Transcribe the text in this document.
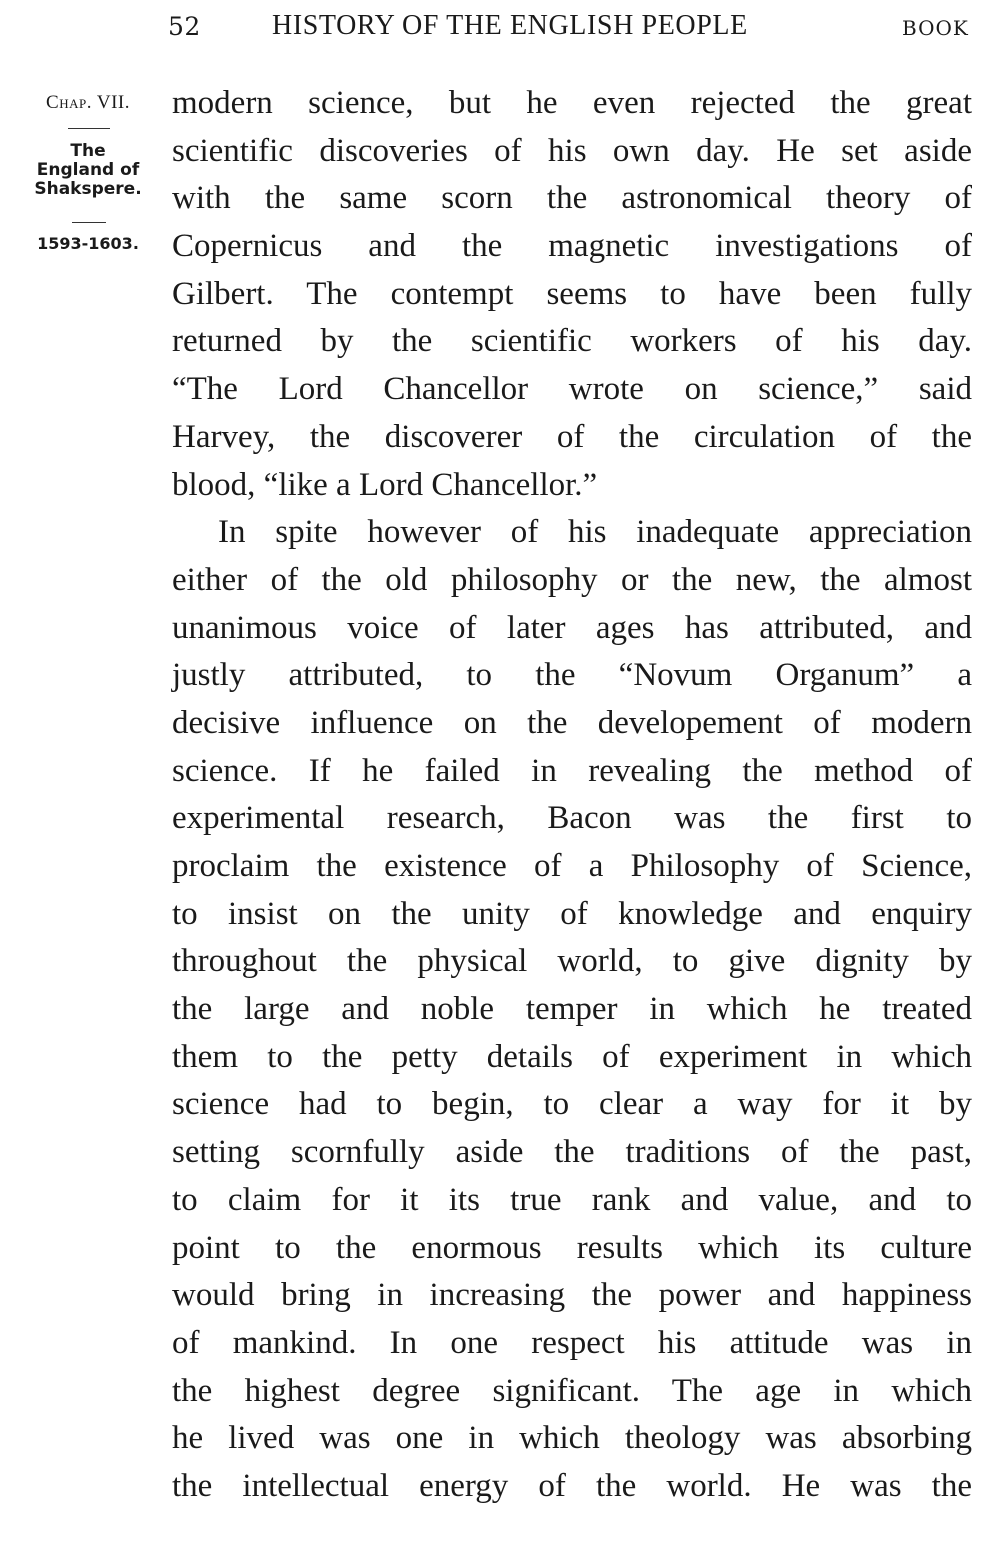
52	HISTORY OF THE ENGLISH PEOPLE	BOOK
Chap. VII.
The
England of
Shakspere.
1593-1603.
modern science, but he even rejected the great
scientific discoveries of his own day. He set aside
with the same scorn the astronomical theory of
Copernicus and the magnetic investigations of
Gilbert. The contempt seems to have been fully
returned by the scientific workers of his day.
“The Lord Chancellor wrote on science,” said
Harvey, the discoverer of the circulation of the
blood, “like a Lord Chancellor.”
In spite however of his inadequate appreciation
either of the old philosophy or the new, the almost
unanimous voice of later ages has attributed, and
justly attributed, to the “Novum Organum” a
decisive influence on the developement of modern
science. If he failed in revealing the method of
experimental research, Bacon was the first to
proclaim the existence of a Philosophy of Science,
to insist on the unity of knowledge and enquiry
throughout the physical world, to give dignity by
the large and noble temper in which he treated
them to the petty details of experiment in which
science had to begin, to clear a way for it by
setting scornfully aside the traditions of the past,
to claim for it its true rank and value, and to
point to the enormous results which its culture
would bring in increasing the power and happiness
of mankind. In one respect his attitude was in
the highest degree significant. The age in which
he lived was one in which theology was absorbing
the intellectual energy of the world. He was the
